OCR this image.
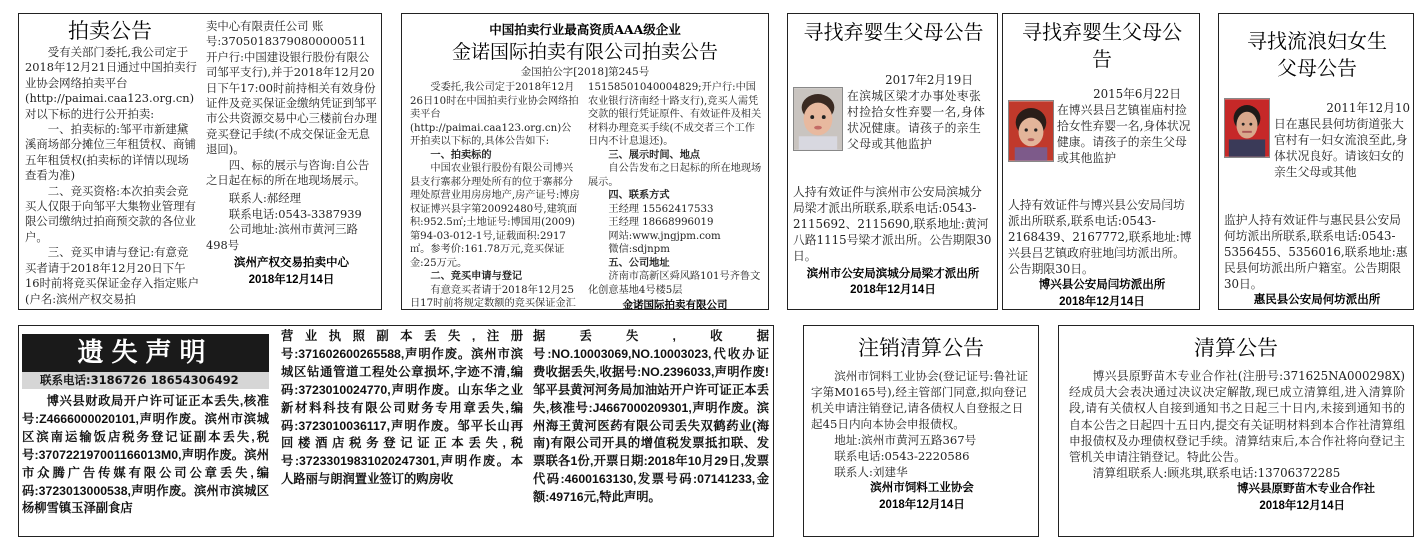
拍卖公告

受有关部门委托,我公司定于2018年12月21日通过中国拍卖行业协会网络拍卖平台(http://paimai.caa123.org.cn)对以下标的进行公开拍卖:

一、拍卖标的:邹平市新建黛溪商场部分摊位三年租赁权、商铺五年租赁权(拍卖标的详情以现场查看为准)

二、竞买资格:本次拍卖会竞买人仅限于向邹平大集物业管理有限公司缴纳过拍商预交款的各位业户。

三、竞买申请与登记:有意竞买者请于2018年12月20日下午16时前将竞买保证金存入指定账户(户名:滨州产权交易拍

卖中心有限责任公司 账号:37050183790800000511 开户行:中国建设银行股份有限公司邹平支行),并于2018年12月20日下午17:00时前持相关有效身份证件及竞买保证金缴纳凭证到邹平市公共资源交易中心三楼前台办理竞买登记手续(不成交保证金无息退回)。

四、标的展示与咨询:自公告之日起在标的所在地现场展示。

联系人:郝经理

联系电话:0543-3387939

公司地址:滨州市黄河三路498号

滨州产权交易拍卖中心

2018年12月14日

中国拍卖行业最高资质AAA级企业
金诺国际拍卖有限公司拍卖公告
金国拍公字[2018]第245号

受委托,我公司定于2018年12月26日10时在中国拍卖行业协会网络拍卖平台(http://paimai.caa123.org.cn)公开拍卖以下标的,具体公告如下:

一、拍卖标的

中国农业银行股份有限公司博兴县支行寨郝分理处所有的位于寨郝分理处原营业用房房地产,房产证号:博房权证博兴县字第20092480号,建筑面积:952.5㎡;土地证号:博国用(2009)第94-03-012-1号,证载面积:2917㎡。参考价:161.78万元,竞买保证金:25万元。

二、竞买申请与登记

有意竞买者请于2018年12月25日17时前将规定数额的竞买保证金汇

15158501040004829;开户行:中国农业银行济南经十路支行),竞买人需凭交款的银行凭证原件、有效证件及相关材料办理竞买手续(不成交者三个工作日内不计息退还)。

三、展示时间、地点

自公告发布之日起标的所在地现场展示。

四、联系方式

王经理 15562417533

王经理 18668996019

网站:www.jngjpm.com

微信:sdjnpm

五、公司地址

济南市高新区舜风路101号齐鲁文化创意基地4号楼5层

金诺国际拍卖有限公司

寻找弃婴生父母公告

2017年2月19日

在滨城区梁才办事处枣张村捡拾女性弃婴一名,身体状况健康。请孩子的亲生父母或其他监护

人持有效证件与滨州市公安局滨城分局梁才派出所联系,联系电话:0543-2115692、2115690,联系地址:黄河八路1115号梁才派出所。公告期限30日。

滨州市公安局滨城分局梁才派出所

2018年12月14日

寻找弃婴生父母公告

2015年6月22日

在博兴县吕艺镇崔庙村捡拾女性弃婴一名,身体状况健康。请孩子的亲生父母或其他监护

人持有效证件与博兴县公安局闫坊派出所联系,联系电话:0543-2168439、2167772,联系地址:博兴县吕艺镇政府驻地闫坊派出所。公告期限30日。

博兴县公安局闫坊派出所

2018年12月14日

寻找流浪妇女生父母公告

2011年12月10

日在惠民县何坊街道张大官村有一妇女流浪至此,身体状况良好。请该妇女的亲生父母或其他

监护人持有效证件与惠民县公安局何坊派出所联系,联系电话:0543-5356455、5356016,联系地址:惠民县何坊派出所户籍室。公告期限30日。

惠民县公安局何坊派出所

遗失声明
联系电话:3186726 18654306492

博兴县财政局开户许可证正本丢失,核准号:Z4666000020101,声明作废。滨州市滨城区滨南运输饭店税务登记证副本丢失,税号:370722197001166013M0,声明作废。滨州市众腾广告传媒有限公司公章丢失,编码:3723013000538,声明作废。滨州市滨城区杨柳雪镇玉泽副食店

营业执照副本丢失,注册号:371602600265588,声明作废。滨州市滨城区钻通管道工程处公章损坏,字迹不清,编码:3723010024770,声明作废。山东华之业新材料科技有限公司财务专用章丢失,编码:3723010036117,声明作废。邹平长山再回楼酒店税务登记证正本丢失,税号:37233019831020247301,声明作废。本人路丽与朗润置业签订的购房收

据丢失,收据号:NO.10003069,NO.10003023,代收办证费收据丢失,收据号:NO.2396033,声明作废!邹平县黄河河务局加油站开户许可证正本丢失,核准号:J4667000209301,声明作废。滨州海王黄河医药有限公司丢失双鹤药业(海南)有限公司开具的增值税发票抵扣联、发票联各1份,开票日期:2018年10月29日,发票代码:4600163130,发票号码:07141233,金额:49716元,特此声明。

注销清算公告

滨州市饲料工业协会(登记证号:鲁社证字第M0165号),经主管部门同意,拟向登记机关申请注销登记,请各债权人自登报之日起45日内向本协会申报债权。

地址:滨州市黄河五路367号

联系电话:0543-2220586

联系人:刘建华

滨州市饲料工业协会

2018年12月14日

清算公告

博兴县原野苗木专业合作社(注册号:371625NA000298X)经成员大会表决通过决议决定解散,现已成立清算组,进入清算阶段,请有关债权人自接到通知书之日起三十日内,未接到通知书的自本公告之日起四十五日内,提交有关证明材料到本合作社清算组申报债权及办理债权登记手续。清算结束后,本合作社将向登记主管机关申请注销登记。特此公告。

清算组联系人:顾兆琪,联系电话:13706372285

博兴县原野苗木专业合作社

2018年12月14日
